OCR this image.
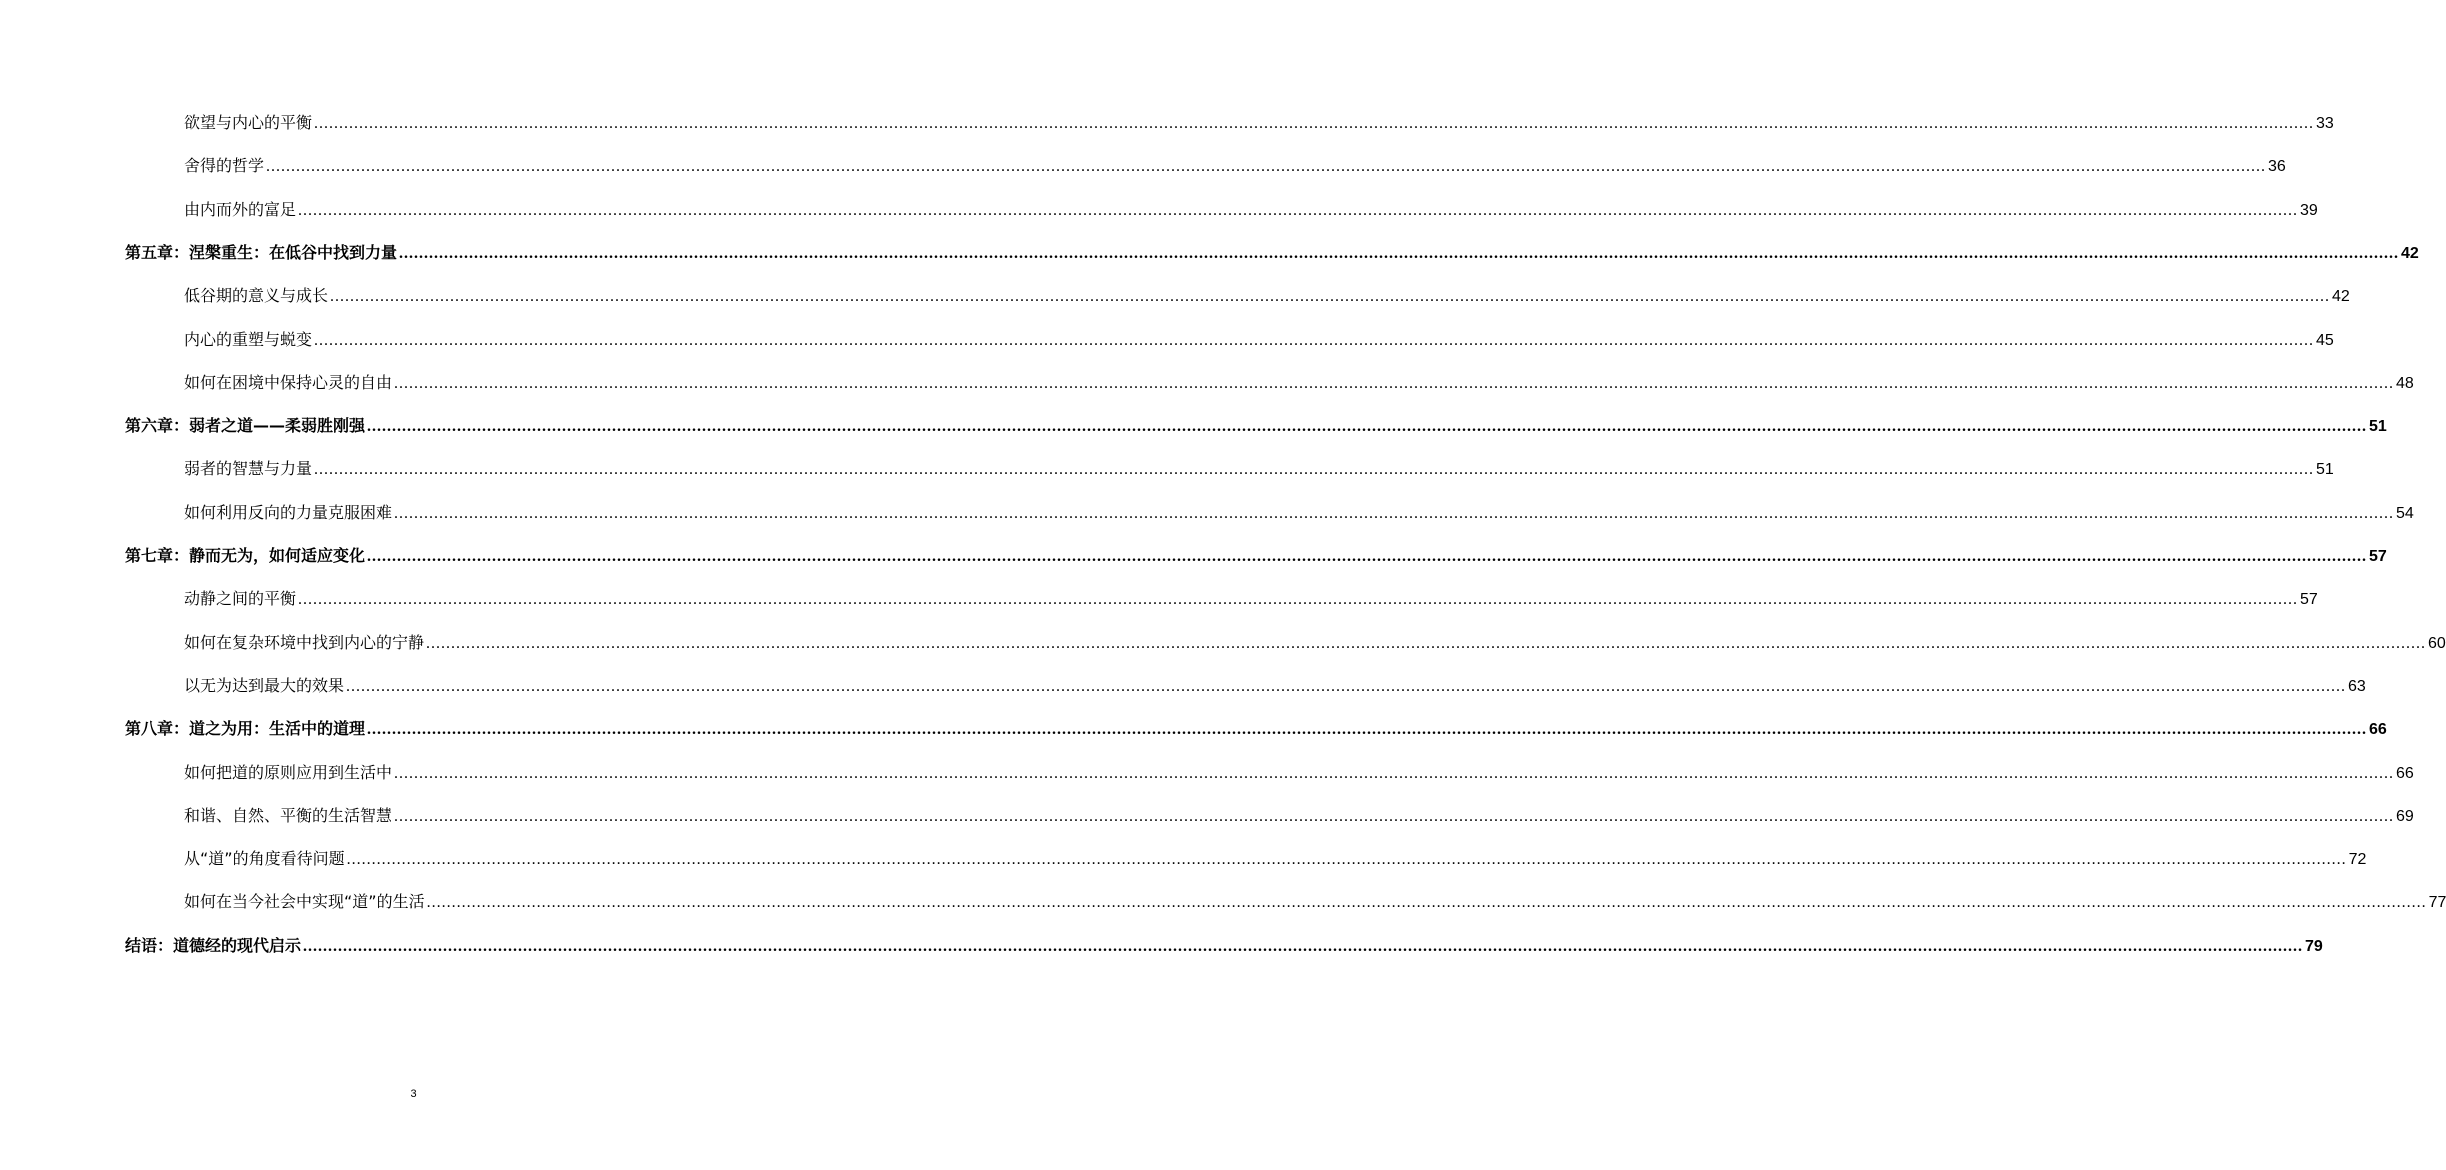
欲望与内心的平衡 ................................................................................................................................................................................................................................................................................................................................................................................................................ 33
舍得的哲学 ................................................................................................................................................................................................................................................................................................................................................................................................................ 36
由内而外的富足 ................................................................................................................................................................................................................................................................................................................................................................................................................ 39
第五章：涅槃重生：在低谷中找到力量 ................................................................................................................................................................................................................................................................................................................................................................................................................ 42
低谷期的意义与成长 ................................................................................................................................................................................................................................................................................................................................................................................................................ 42
内心的重塑与蜕变 ................................................................................................................................................................................................................................................................................................................................................................................................................ 45
如何在困境中保持心灵的自由 ................................................................................................................................................................................................................................................................................................................................................................................................................ 48
第六章：弱者之道——柔弱胜刚强 ................................................................................................................................................................................................................................................................................................................................................................................................................ 51
弱者的智慧与力量 ................................................................................................................................................................................................................................................................................................................................................................................................................ 51
如何利用反向的力量克服困难 ................................................................................................................................................................................................................................................................................................................................................................................................................ 54
第七章：静而无为，如何适应变化 ................................................................................................................................................................................................................................................................................................................................................................................................................ 57
动静之间的平衡 ................................................................................................................................................................................................................................................................................................................................................................................................................ 57
如何在复杂环境中找到内心的宁静 ................................................................................................................................................................................................................................................................................................................................................................................................................ 60
以无为达到最大的效果 ................................................................................................................................................................................................................................................................................................................................................................................................................ 63
第八章：道之为用：生活中的道理 ................................................................................................................................................................................................................................................................................................................................................................................................................ 66
如何把道的原则应用到生活中 ................................................................................................................................................................................................................................................................................................................................................................................................................ 66
和谐、自然、平衡的生活智慧 ................................................................................................................................................................................................................................................................................................................................................................................................................ 69
从“道”的角度看待问题 ................................................................................................................................................................................................................................................................................................................................................................................................................ 72
如何在当今社会中实现“道”的生活 ................................................................................................................................................................................................................................................................................................................................................................................................................ 77
结语：道德经的现代启示 ................................................................................................................................................................................................................................................................................................................................................................................................................ 79
3
